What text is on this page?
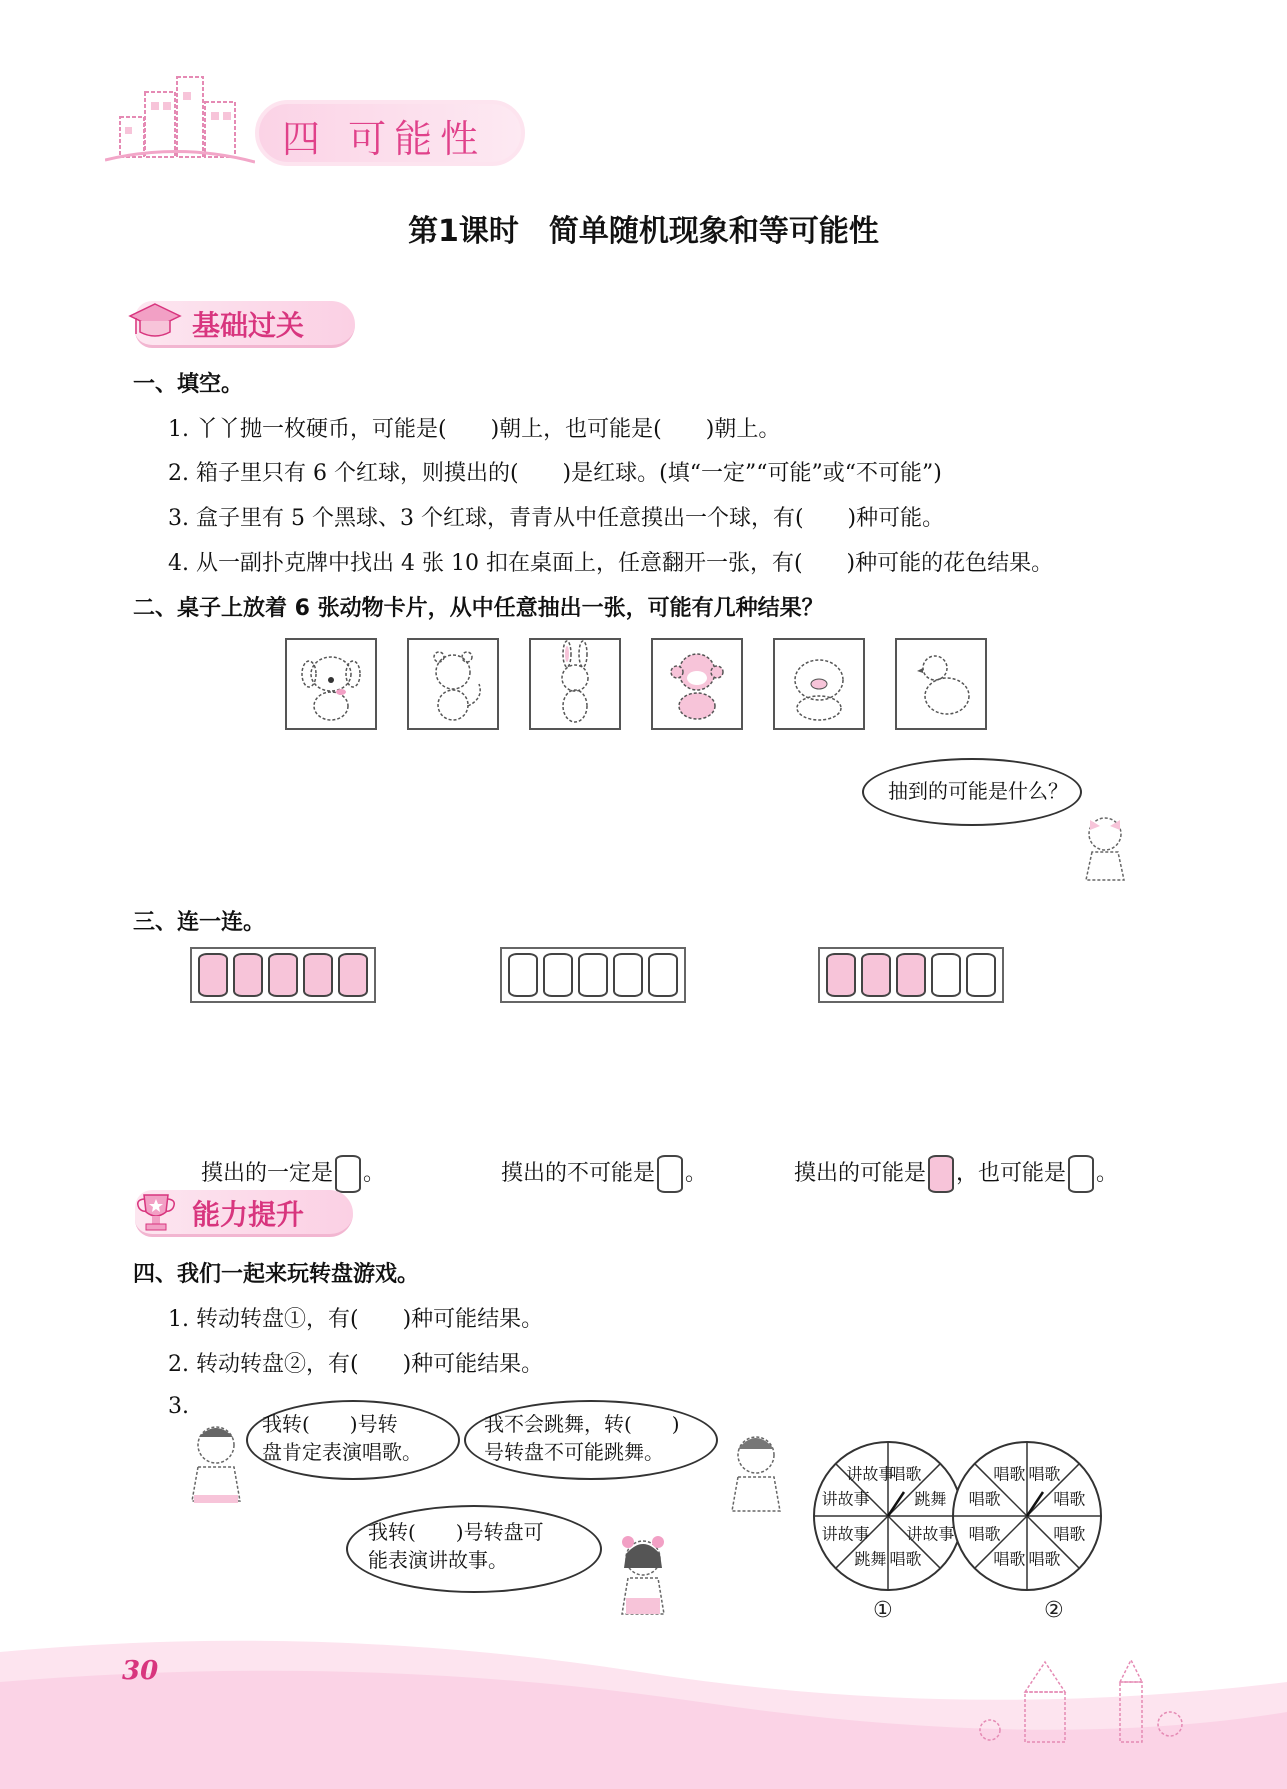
四 可能性
第1课时　简单随机现象和等可能性
基础过关
一、填空。
1. 丫丫抛一枚硬币，可能是(　　)朝上，也可能是(　　)朝上。
2. 箱子里只有 6 个红球，则摸出的(　　)是红球。(填“一定”“可能”或“不可能”)
3. 盒子里有 5 个黑球、3 个红球，青青从中任意摸出一个球，有(　　)种可能。
4. 从一副扑克牌中找出 4 张 10 扣在桌面上，任意翻开一张，有(　　)种可能的花色结果。
二、桌子上放着 6 张动物卡片，从中任意抽出一张，可能有几种结果？
抽到的可能是什么？
三、连一连。

摸出的一定是 。	摸出的不可能是 。	摸出的可能是 ，也可能是 。

能力提升
四、我们一起来玩转盘游戏。
1. 转动转盘①，有(　　)种可能结果。
2. 转动转盘②，有(　　)种可能结果。
3.
我转(　　)号转
盘肯定表演唱歌。
我不会跳舞，转(　　)
号转盘不可能跳舞。
我转(　　)号转盘可
能表演讲故事。
唱歌
跳舞
讲故事
唱歌
跳舞
讲故事
讲故事
讲故事
①
唱歌
唱歌
唱歌
唱歌
唱歌
唱歌
唱歌
唱歌
②
30
